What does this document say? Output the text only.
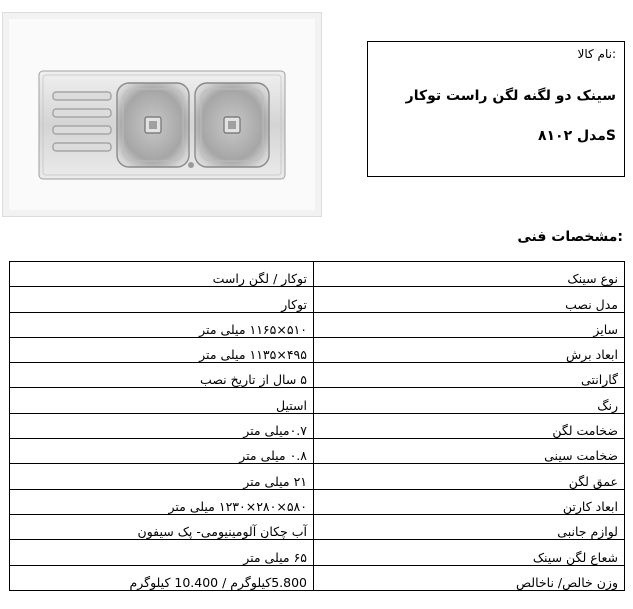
نام کالا:
سینک دو لگنه لگن راست توکار
مدل ۸۱۰۲S
مشخصات فنی:
نوع سینک	توکار / لگن راست
مدل نصب	توکار
سایز	۵۱۰×۱۱۶۵ میلی متر
ابعاد برش	۴۹۵×۱۱۳۵ میلی متر
گارانتی	۵ سال از تاریخ نصب
رنگ	استیل
ضخامت لگن	۰.۷میلی متر
ضخامت سینی	۰.۸ میلی متر
عمق لگن	۲۱ میلی متر
ابعاد کارتن	۵۸۰×۲۸۰×۱۲۳۰ میلی متر
لوازم جانبی	آب چکان آلومینیومی- پک سیفون
شعاع لگن سینک	۶۵ میلی متر
وزن خالص/ ناخالص	5.800کیلوگرم / 10.400 کیلوگرم
